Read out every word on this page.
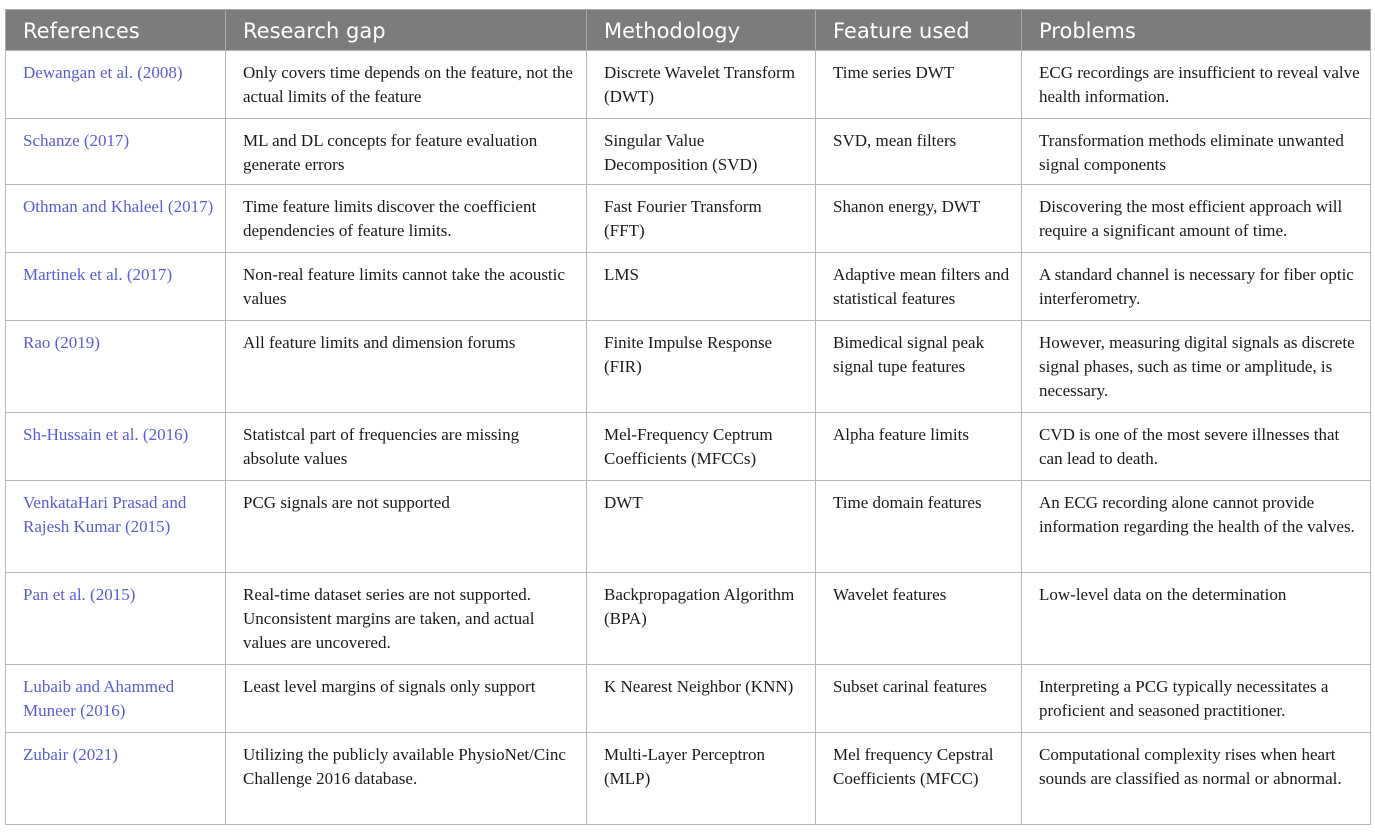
References	Research gap	Methodology	Feature used	Problems
Dewangan et al. (2008)	Only covers time depends on the feature, not the actual limits of the feature	Discrete Wavelet Transform (DWT)	Time series DWT	ECG recordings are insufficient to reveal valve health information.
Schanze (2017)	ML and DL concepts for feature evaluation generate errors	Singular Value Decomposition (SVD)	SVD, mean filters	Transformation methods eliminate unwanted signal components
Othman and Khaleel (2017)	Time feature limits discover the coefficient dependencies of feature limits.	Fast Fourier Transform (FFT)	Shanon energy, DWT	Discovering the most efficient approach will require a significant amount of time.
Martinek et al. (2017)	Non-real feature limits cannot take the acoustic values	LMS	Adaptive mean filters and statistical features	A standard channel is necessary for fiber optic interferometry.
Rao (2019)	All feature limits and dimension forums	Finite Impulse Response (FIR)	Bimedical signal peak signal tupe features	However, measuring digital signals as discrete signal phases, such as time or amplitude, is necessary.
Sh-Hussain et al. (2016)	Statistcal part of frequencies are missing absolute values	Mel-Frequency Ceptrum Coefficients (MFCCs)	Alpha feature limits	CVD is one of the most severe illnesses that can lead to death.
VenkataHari Prasad and Rajesh Kumar (2015)	PCG signals are not supported	DWT	Time domain features	An ECG recording alone cannot provide information regarding the health of the valves.
Pan et al. (2015)	Real-time dataset series are not supported. Unconsistent margins are taken, and actual values are uncovered.	Backpropagation Algorithm (BPA)	Wavelet features	Low-level data on the determination
Lubaib and Ahammed Muneer (2016)	Least level margins of signals only support	K Nearest Neighbor (KNN)	Subset carinal features	Interpreting a PCG typically necessitates a proficient and seasoned practitioner.
Zubair (2021)	Utilizing the publicly available PhysioNet/Cinc Challenge 2016 database.	Multi-Layer Perceptron (MLP)	Mel frequency Cepstral Coefficients (MFCC)	Computational complexity rises when heart sounds are classified as normal or abnormal.
